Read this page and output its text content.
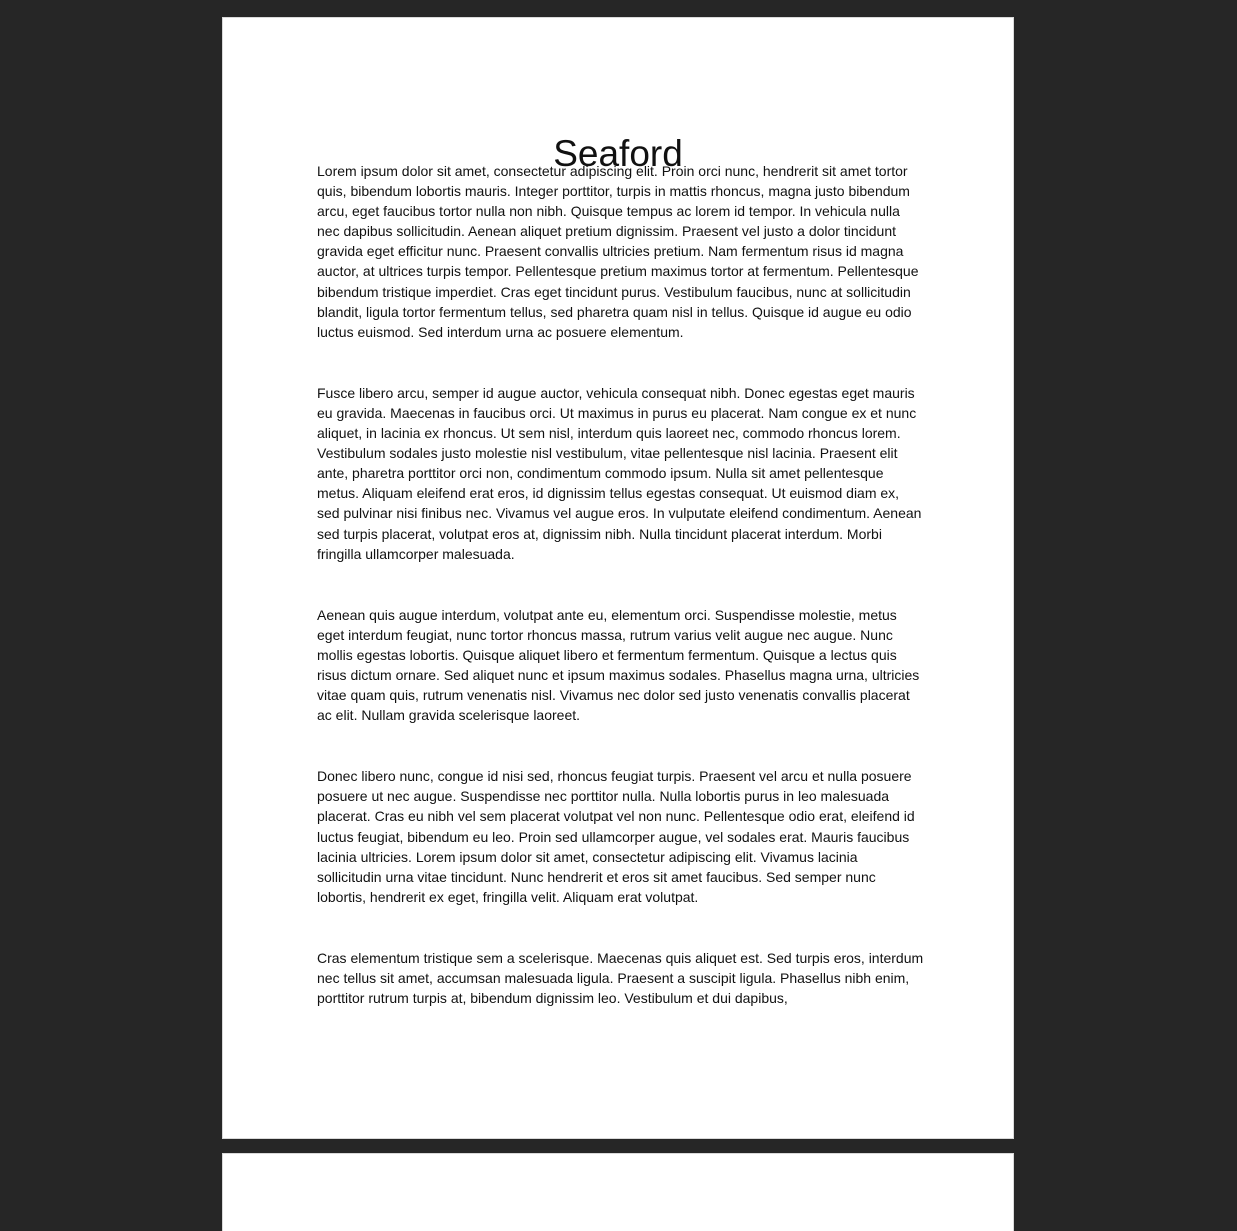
Seaford

Lorem ipsum dolor sit amet, consectetur adipiscing elit. Proin orci nunc, hendrerit sit amet tortor quis, bibendum lobortis mauris. Integer porttitor, turpis in mattis rhoncus, magna justo bibendum arcu, eget faucibus tortor nulla non nibh. Quisque tempus ac lorem id tempor. In vehicula nulla nec dapibus sollicitudin. Aenean aliquet pretium dignissim. Praesent vel justo a dolor tincidunt gravida eget efficitur nunc. Praesent convallis ultricies pretium. Nam fermentum risus id magna auctor, at ultrices turpis tempor. Pellentesque pretium maximus tortor at fermentum. Pellentesque bibendum tristique imperdiet. Cras eget tincidunt purus. Vestibulum faucibus, nunc at sollicitudin blandit, ligula tortor fermentum tellus, sed pharetra quam nisl in tellus. Quisque id augue eu odio luctus euismod. Sed interdum urna ac posuere elementum.

Fusce libero arcu, semper id augue auctor, vehicula consequat nibh. Donec egestas eget mauris eu gravida. Maecenas in faucibus orci. Ut maximus in purus eu placerat. Nam congue ex et nunc aliquet, in lacinia ex rhoncus. Ut sem nisl, interdum quis laoreet nec, commodo rhoncus lorem. Vestibulum sodales justo molestie nisl vestibulum, vitae pellentesque nisl lacinia. Praesent elit ante, pharetra porttitor orci non, condimentum commodo ipsum. Nulla sit amet pellentesque metus. Aliquam eleifend erat eros, id dignissim tellus egestas consequat. Ut euismod diam ex, sed pulvinar nisi finibus nec. Vivamus vel augue eros. In vulputate eleifend condimentum. Aenean sed turpis placerat, volutpat eros at, dignissim nibh. Nulla tincidunt placerat interdum. Morbi fringilla ullamcorper malesuada.

Aenean quis augue interdum, volutpat ante eu, elementum orci. Suspendisse molestie, metus eget interdum feugiat, nunc tortor rhoncus massa, rutrum varius velit augue nec augue. Nunc mollis egestas lobortis. Quisque aliquet libero et fermentum fermentum. Quisque a lectus quis risus dictum ornare. Sed aliquet nunc et ipsum maximus sodales. Phasellus magna urna, ultricies vitae quam quis, rutrum venenatis nisl. Vivamus nec dolor sed justo venenatis convallis placerat ac elit. Nullam gravida scelerisque laoreet.

Donec libero nunc, congue id nisi sed, rhoncus feugiat turpis. Praesent vel arcu et nulla posuere posuere ut nec augue. Suspendisse nec porttitor nulla. Nulla lobortis purus in leo malesuada placerat. Cras eu nibh vel sem placerat volutpat vel non nunc. Pellentesque odio erat, eleifend id luctus feugiat, bibendum eu leo. Proin sed ullamcorper augue, vel sodales erat. Mauris faucibus lacinia ultricies. Lorem ipsum dolor sit amet, consectetur adipiscing elit. Vivamus lacinia sollicitudin urna vitae tincidunt. Nunc hendrerit et eros sit amet faucibus. Sed semper nunc lobortis, hendrerit ex eget, fringilla velit. Aliquam erat volutpat.

Cras elementum tristique sem a scelerisque. Maecenas quis aliquet est. Sed turpis eros, interdum nec tellus sit amet, accumsan malesuada ligula. Praesent a suscipit ligula. Phasellus nibh enim, porttitor rutrum turpis at, bibendum dignissim leo. Vestibulum et dui dapibus,
